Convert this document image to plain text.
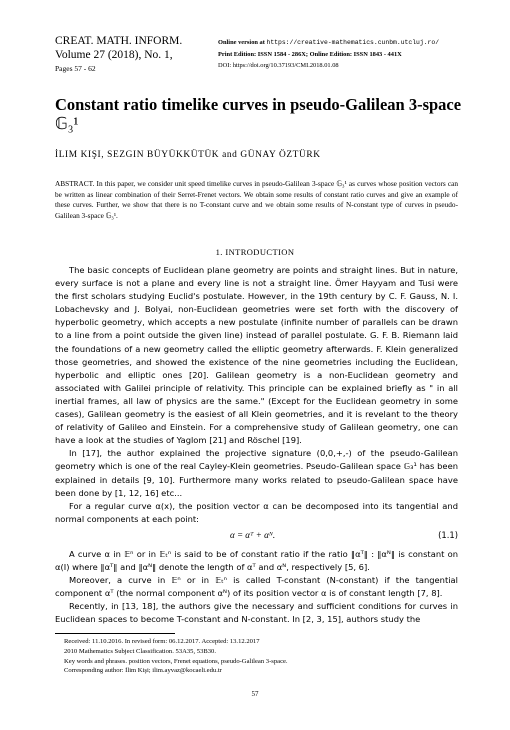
CREAT. MATH. INFORM.
Volume 27 (2018), No. 1,
Pages 57 - 62
Online version at https://creative-mathematics.cunbm.utcluj.ro/
Print Edition: ISSN 1584 - 286X; Online Edition: ISSN 1843 - 441X
DOI: https://doi.org/10.37193/CMI.2018.01.08
Constant ratio timelike curves in pseudo-Galilean 3-space
𝔾₃¹
İLIM KIŞI, SEZGIN BÜYÜKKÜTÜK and GÜNAY ÖZTÜRK
ABSTRACT. In this paper, we consider unit speed timelike curves in pseudo-Galilean 3-space 𝔾₃¹ as curves whose position vectors can be written as linear combination of their Serret-Frenet vectors. We obtain some results of constant ratio curves and give an example of these curves. Further, we show that there is no T-constant curve and we obtain some results of N-constant type of curves in pseudo-Galilean 3-space 𝔾₃¹.
1. INTRODUCTION

The basic concepts of Euclidean plane geometry are points and straight lines. But in nature, every surface is not a plane and every line is not a straight line. Ömer Hayyam and Tusi were the first scholars studying Euclid's postulate. However, in the 19th century by C. F. Gauss, N. I. Lobachevsky and J. Bolyai, non-Euclidean geometries were set forth with the discovery of hyperbolic geometry, which accepts a new postulate (infinite number of parallels can be drawn to a line from a point outside the given line) instead of parallel postulate. G. F. B. Riemann laid the foundations of a new geometry called the elliptic geometry afterwards. F. Klein generalized those geometries, and showed the existence of the nine geometries including the Euclidean, hyperbolic and elliptic ones [20]. Galilean geometry is a non-Euclidean geometry and associated with Galilei principle of relativity. This principle can be explained briefly as " in all inertial frames, all law of physics are the same." (Except for the Euclidean geometry in some cases), Galilean geometry is the easiest of all Klein geometries, and it is revelant to the theory of relativity of Galileo and Einstein. For a comprehensive study of Galilean geometry, one can have a look at the studies of Yaglom [21] and Röschel [19].

In [17], the author explained the projective signature (0,0,+,-) of the pseudo-Galilean geometry which is one of the real Cayley-Klein geometries. Pseudo-Galilean space 𝔾₃¹ has been explained in details [9, 10]. Furthermore many works related to pseudo-Galilean space have been done by [1, 12, 16] etc...

For a regular curve α(x), the position vector α can be decomposed into its tangential and normal components at each point:

α = αᵀ + αᴺ.	(1.1)

A curve α in 𝔼ⁿ or in 𝔼ₜⁿ is said to be of constant ratio if the ratio ‖αᵀ‖ : ‖αᴺ‖ is constant on α(I) where ‖αᵀ‖ and ‖αᴺ‖ denote the length of αᵀ and αᴺ, respectively [5, 6].

Moreover, a curve in 𝔼ⁿ or in 𝔼ₜⁿ is called T-constant (N-constant) if the tangential component αᵀ (the normal component αᴺ) of its position vector α is of constant length [7, 8].

Recently, in [13, 18], the authors give the necessary and sufficient conditions for curves in Euclidean spaces to become T-constant and N-constant. In [2, 3, 15], authors study the

Received: 11.10.2016. In revised form: 06.12.2017. Accepted: 13.12.2017
2010 Mathematics Subject Classification. 53A35, 53B30.
Key words and phrases. position vectors, Frenet equations, pseudo-Galilean 3-space.
Corresponding author: İlim Kişi; ilim.ayvaz@kocaeli.edu.tr
57
